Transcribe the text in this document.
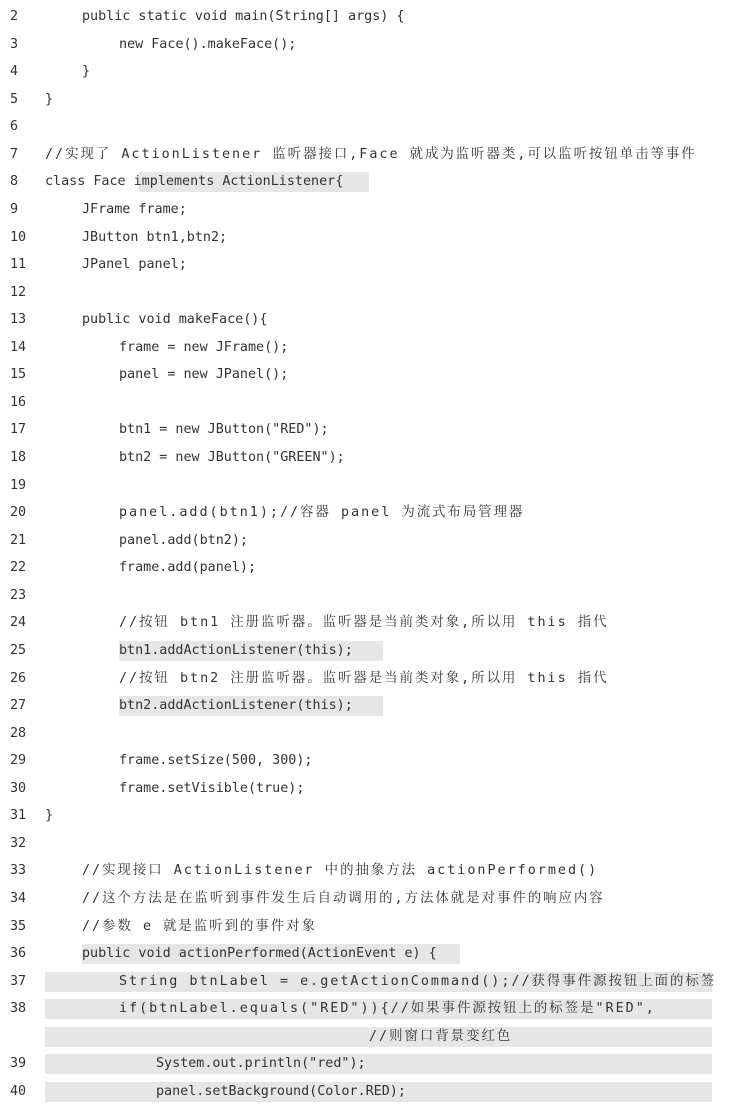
2	public static void main(String[] args) {
3	new Face().makeFace();
4	}
5	}
6
7	//实现了 ActionListener 监听器接口,Face 就成为监听器类,可以监听按钮单击等事件
8	class Face implements ActionListener{
9	JFrame frame;
10	JButton btn1,btn2;
11	JPanel panel;
12
13	public void makeFace(){
14	frame = new JFrame();
15	panel = new JPanel();
16
17	btn1 = new JButton("RED");
18	btn2 = new JButton("GREEN");
19
20	panel.add(btn1);//容器 panel 为流式布局管理器
21	panel.add(btn2);
22	frame.add(panel);
23
24	//按钮 btn1 注册监听器。监听器是当前类对象,所以用 this 指代
25	btn1.addActionListener(this);
26	//按钮 btn2 注册监听器。监听器是当前类对象,所以用 this 指代
27	btn2.addActionListener(this);
28
29	frame.setSize(500, 300);
30	frame.setVisible(true);
31	}
32
33	//实现接口 ActionListener 中的抽象方法 actionPerformed()
34	//这个方法是在监听到事件发生后自动调用的,方法体就是对事件的响应内容
35	//参数 e 就是监听到的事件对象
36	public void actionPerformed(ActionEvent e) {
37	String btnLabel = e.getActionCommand();//获得事件源按钮上面的标签
38	if(btnLabel.equals("RED")){//如果事件源按钮上的标签是"RED",
//则窗口背景变红色
39	System.out.println("red");
40	panel.setBackground(Color.RED);
